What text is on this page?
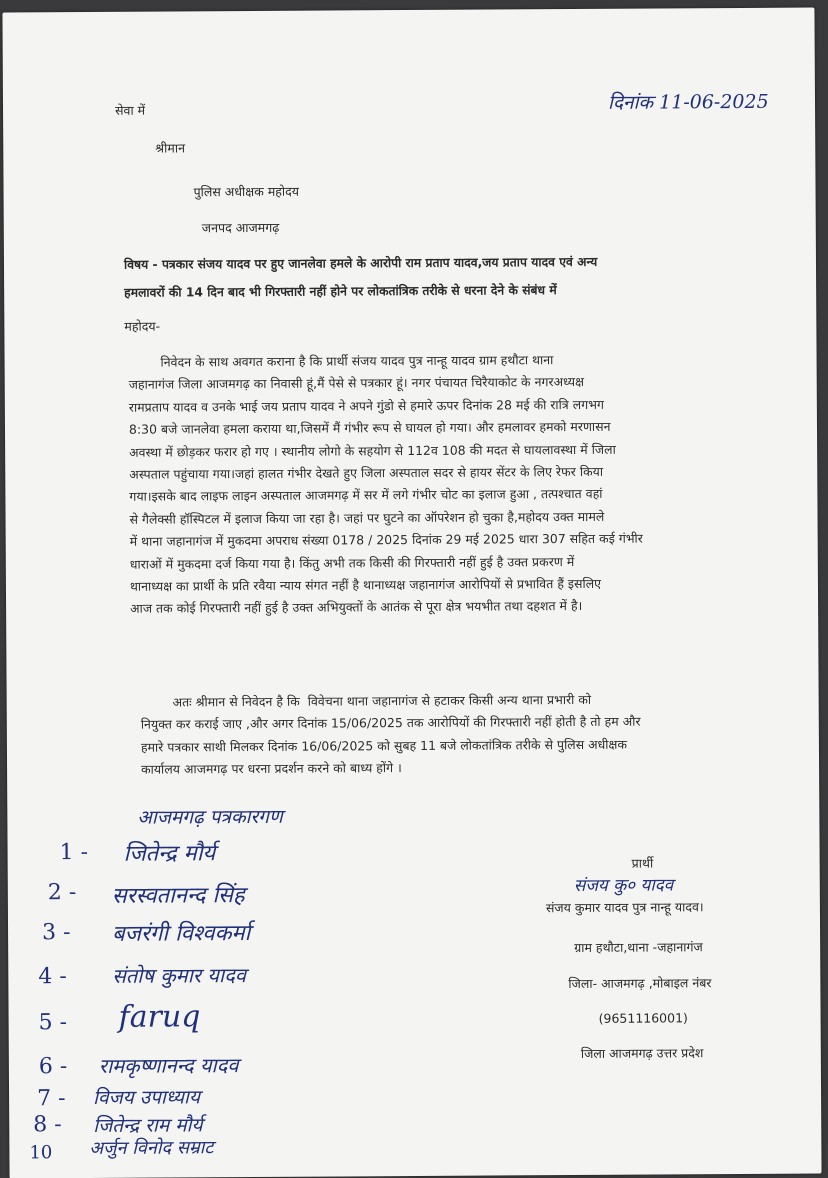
दिनांक 11-06-2025
सेवा में
श्रीमान
पुलिस अधीक्षक महोदय
जनपद आजमगढ़
विषय - पत्रकार संजय यादव पर हुए जानलेवा हमले के आरोपी राम प्रताप यादव,जय प्रताप यादव एवं अन्य
हमलावरों की 14 दिन बाद भी गिरफ्तारी नहीं होने पर लोकतांत्रिक तरीके से धरना देने के संबंध में
महोदय-
निवेदन के साथ अवगत कराना है कि प्रार्थी संजय यादव पुत्र नान्हू यादव ग्राम हथौटा थाना
जहानागंज जिला आजमगढ़ का निवासी हूं,मैं पेसे से पत्रकार हूं। नगर पंचायत चिरैयाकोट के नगरअध्यक्ष
रामप्रताप यादव व उनके भाई जय प्रताप यादव ने अपने गुंडो से हमारे ऊपर दिनांक 28 मई की रात्रि लगभग
8:30 बजे जानलेवा हमला कराया था,जिसमें मैं गंभीर रूप से घायल हो गया। और हमलावर हमको मरणासन
अवस्था में छोड़कर फरार हो गए । स्थानीय लोगो के सहयोग से 112व 108 की मदत से घायलावस्था में जिला
अस्पताल पहुंचाया गया।जहां हालत गंभीर देखते हुए जिला अस्पताल सदर से हायर सेंटर के लिए रेफर किया
गया।इसके बाद लाइफ लाइन अस्पताल आजमगढ़ में सर में लगे गंभीर चोट का इलाज हुआ , तत्पश्चात वहां
से गैलेक्सी हॉस्पिटल में इलाज किया जा रहा है। जहां पर घुटने का ऑपरेशन हो चुका है,महोदय उक्त मामले
में थाना जहानागंज में मुकदमा अपराध संख्या 0178 / 2025 दिनांक 29 मई 2025 धारा 307 सहित कई गंभीर
धाराओं में मुकदमा दर्ज किया गया है। किंतु अभी तक किसी की गिरफ्तारी नहीं हुई है उक्त प्रकरण में
थानाध्यक्ष का प्रार्थी के प्रति रवैया न्याय संगत नहीं है थानाध्यक्ष जहानागंज आरोपियों से प्रभावित हैं इसलिए
आज तक कोई गिरफ्तारी नहीं हुई है उक्त अभियुक्तों के आतंक से पूरा क्षेत्र भयभीत तथा दहशत में है।
अतः श्रीमान से निवेदन है कि  विवेचना थाना जहानागंज से हटाकर किसी अन्य थाना प्रभारी को
नियुक्त कर कराई जाए ,और अगर दिनांक 15/06/2025 तक आरोपियों की गिरफ्तारी नहीं होती है तो हम और
हमारे पत्रकार साथी मिलकर दिनांक 16/06/2025 को सुबह 11 बजे लोकतांत्रिक तरीके से पुलिस अधीक्षक
कार्यालय आजमगढ़ पर धरना प्रदर्शन करने को बाध्य होंगे ।
आजमगढ़ पत्रकारगण
1 - जितेन्द्र मौर्य
2 - सरस्वतानन्द सिंह
3 - बजरंगी विश्वकर्मा
4 - संतोष कुमार यादव
5 - faruq
6 - रामकृष्णानन्द यादव
7 - विजय उपाध्याय
8 - जितेन्द्र राम मौर्य
10 अर्जुन विनोद सम्राट
प्रार्थी
संजय कु० यादव
संजय कुमार यादव पुत्र नान्हू यादव।
ग्राम हथौटा,थाना -जहानागंज
जिला- आजमगढ़ ,मोबाइल नंबर
(9651116001)
जिला आजमगढ़ उत्तर प्रदेश
